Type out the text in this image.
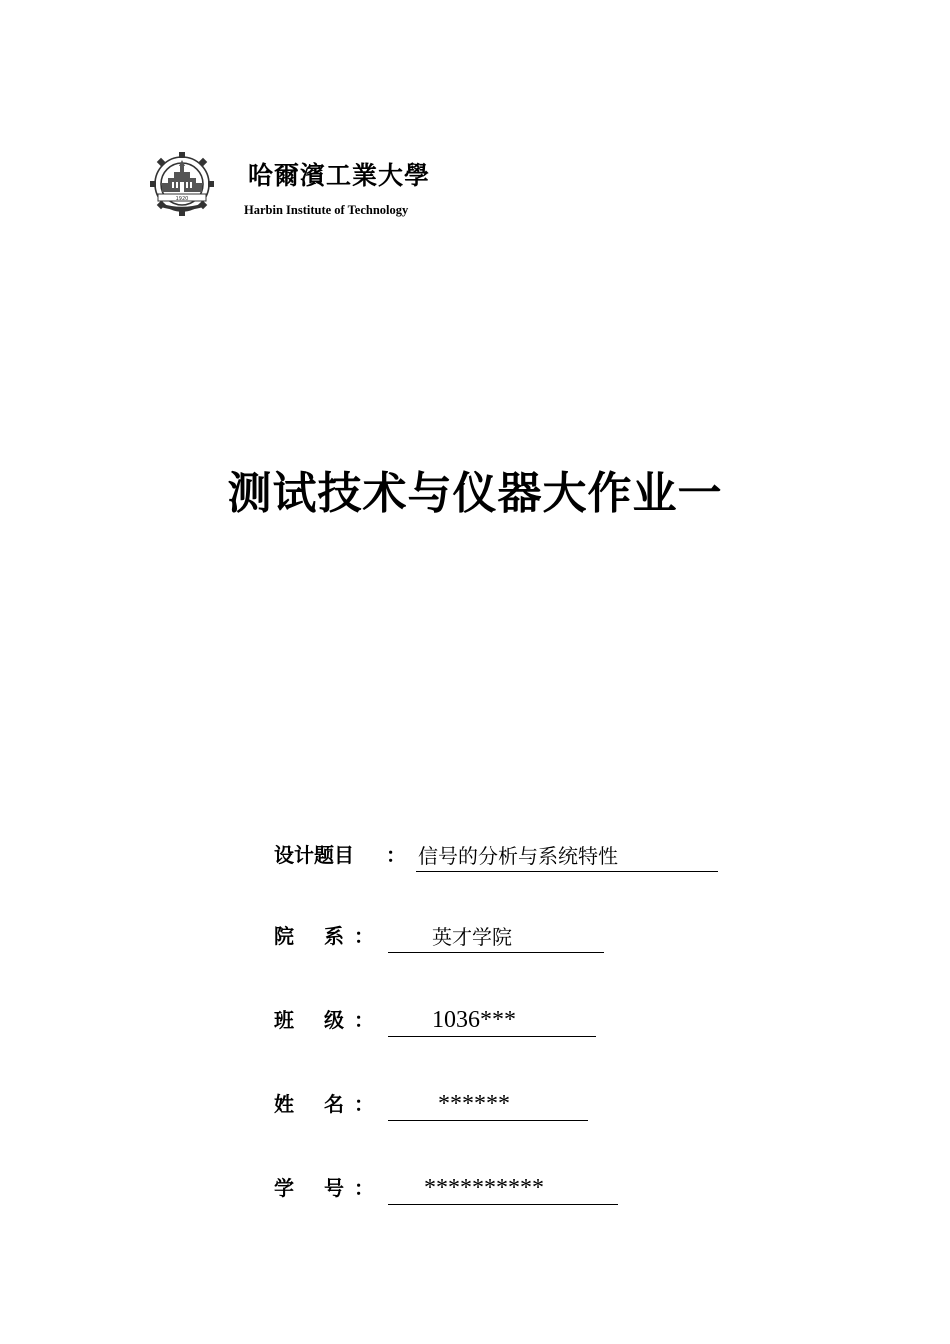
1920
哈爾濱工業大學
Harbin Institute of Technology
测试技术与仪器大作业一
设计题目 ： 信号的分析与系统特性
院 系 ：	英才学院
班 级 ：	1036***
姓 名 ：	******
学 号 ：	**********
